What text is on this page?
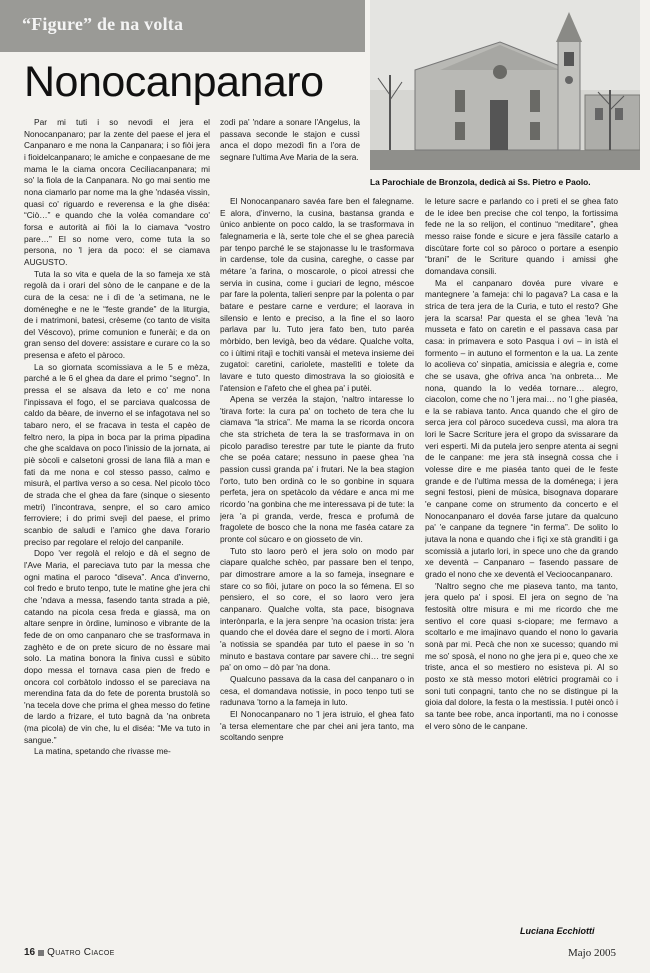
“Figure” de na volta
Nonocanpanaro
La Parochiale de Bronzola, dedicà ai Ss. Pietro e Paolo.

Par mi tuti i so nevodi el jera el Nonocanpanaro; par la zente del paese el jera el Canpanaro e me nona la Canpanara; i so fiòi jera i fioidelcanpanaro; le amiche e conpaesane de me mama le la ciama oncora Ceciliacanpanara; mi so' la fiola de la Canpanara. No go mai sentio me nona ciamarlo par nome ma la ghe 'ndaséa vissin, quasi co' riguardo e reverensa e la ghe diséa: “Ciò…” e quando che la voléa comandare co' forsa e autorità ai fiòi la lo ciamava “vostro pare…” El so nome vero, come tuta la so persona, no 'l jera da poco: el se ciamava AUGUSTO.

Tuta la so vita e quela de la so fameja xe stà regolà da i orari del sòno de le canpane e de la cura de la cesa: ne i dì de 'a setimana, ne le doméneghe e ne le “feste grande” de la liturgia, de i matrimoni, batesi, crèseme (co tanto de visita del Véscovo), prime comunion e funerài; e da on gran senso del dovere: assistare e curare co la so presensa e afeto el pàroco.

La so giornata scomissiava a le 5 e mèza, parché a le 6 el ghea da dare el primo “segno”. In pressa el se alsava da leto e co' me nona l'inpissava el fogo, el se parciava qualcossa de caldo da bèare, de inverno el se infagotava nel so tabaro nero, el se fracava in testa el capèo de feltro nero, la pipa in boca par la prima pipadina che ghe scaldava on poco l'inissio de la jornata, ai piè sòcoli e calsetoni grossi de lana filà a man e fati da me nona e col stesso passo, calmo e misurà, el partiva verso a so cesa. Nel picolo tòco de strada che el ghea da fare (sinque o siesento metri) l'incontrava, senpre, el so caro amico ferroviere; i do primi svejì del paese, el primo scanbio de saludi e l'amico ghe dava l'orario preciso par regolare el relojo del canpanile.

Dopo 'ver regolà el relojo e dà el segno de l'Ave Maria, el pareciava tuto par la messa che ogni matina el paroco “diseva”. Anca d'inverno, col fredo e bruto tenpo, tute le matine ghe jera chi che 'ndava a messa, fasendo tanta strada a piè, catando na picola cesa freda e giassà, ma on altare senpre in òrdine, luminoso e vibrante de la fede de on omo canpanaro che se trasformava in zaghèto e de on prete sicuro de no èssare mai solo. La matina bonora la finiva cussì e sùbito dopo messa el tornava casa pien de fredo e oncora col corbàtolo indosso el se pareciava na merendina fata da do fete de porenta brustolà so 'na tecela dove che prima el ghea messo do fetine de lardo a frizare, el tuto bagnà da 'na onbreta (ma picola) de vin che, lu el diséa: “Me va tuto in sangue.”

La matina, spetando che rivasse me-

zodì pa' 'ndare a sonare l'Angelus, la passava seconde le stajon e cussì anca el dopo mezodì fin a l'ora de segnare l'ultima Ave Maria de la sera.

El Nonocanpanaro savéa fare ben el falegname. E alora, d'inverno, la cusina, bastansa granda e ùnico anbiente on poco caldo, la se trasformava in falegnameria e là, serte tole che el se ghea parecià par tenpo parché le se stajonasse lu le trasformava in cardense, tole da cusina, careghe, o casse par métare 'a farina, o moscarole, o picoi atressi che servia in cusina, come i guciari de legno, méscoe par fare la polenta, talieri senpre par la polenta o par batare e pestare carne e verdure; el laorava in silensio e lento e preciso, a la fine el so laoro parlava par lu. Tuto jera fato ben, tuto paréa mòrbido, ben levigà, beo da védare. Qualche volta, co i ùltimi ritajì e tochiti vansài el meteva insieme dei zugatoi: caretini, cariolete, mastelìti e tolete da lavare e tuto questo dimostrava la so gioiosità e l'atension e l'afeto che el ghea pa' i putèi.

Apena se verzéa la stajon, 'naltro intaresse lo 'tirava forte: la cura pa' on tocheto de tera che lu ciamava “la strica”. Me mama la se ricorda oncora che sta stricheta de tera la se trasformava in on picolo paradiso terestre par tute le piante da fruto che se poéa catare; nessuno in paese ghea 'na passion cussì granda pa' i frutari. Ne la bea stagion l'orto, tuto ben ordinà co le so gonbine in squara perfeta, jera on spetàcolo da védare e anca mi me ricordo 'na gonbina che me interessava pi de tute: la jera 'a pi granda, verde, fresca e profumà de fragolete de bosco che la nona me faséa catare za pronte col sùcaro e on giosseto de vin.

Tuto sto laoro però el jera solo on modo par ciapare qualche schèo, par passare ben el tenpo, par dimostrare amore a la so fameja, insegnare e stare co so fiòi, jutare on poco la so fémena. El so pensiero, el so core, el so laoro vero jera canpanaro. Qualche volta, sta pace, bisognava interònparla, e la jera senpre 'na ocasion trista: jera quando che el dovéa dare el segno de i morti. Alora 'a notissia se spandéa par tuto el paese in so 'n minuto e bastava contare par savere chi… tre segni pa' on omo – dò par 'na dona.

Qualcuno passava da la casa del canpanaro o in cesa, el domandava notissie, in poco tenpo tuti se radunava 'torno a la fameja in luto.

El Nonocanpanaro no 'l jera istruio, el ghea fato 'a tersa elementare che par chei ani jera tanto, ma scoltando senpre

le leture sacre e parlando co i preti el se ghea fato de le idee ben precise che col tenpo, la fortissima fede ne la so relijon, el continuo “meditare”, ghea messo raise fonde e sicure e jera fàssile catarlo a discùtare forte col so pàroco o portare a esenpio “brani” de le Scriture quando i amissi ghe domandava consili.

Ma el canpanaro dovéa pure vivare e mantegnere 'a fameja: chi lo pagava? La casa e la strica de tera jera de la Curia, e tuto el resto? Ghe jera la scarsa! Par questa el se ghea 'levà 'na musseta e fato on caretin e el passava casa par casa: in primavera e soto Pasqua i ovi – in istà el formento – in autuno el formenton e la ua. La zente lo acolieva co' sinpatia, amicissia e alegria e, come che se usava, ghe ofriva anca 'na onbreta… Me nona, quando la lo vedéa tornare… alegro, ciacolon, come che no 'l jera mai… no 'l ghe piaséa, e la se rabiava tanto. Anca quando che el giro de serca jera col pàroco sucedeva cussì, ma alora tra lori le Sacre Scriture jera el gropo da svissarare da veri esperti. Mi da putela jero senpre atenta ai segni de le canpane: me jera stà insegnà cossa che i volesse dire e me piaséa tanto quei de le feste grande e de l'ultima messa de la doménega; i jera segni festosi, pieni de mùsica, bisognava doparare 'e canpane come on strumento da concerto e el Nonocanpanaro el dovéa farse jutare da qualcuno pa' 'e canpane da tegnere “in ferma”. De solito lo jutava la nona e quando che i fiçi xe stà granditi i ga scomissià a jutarlo lori, in spece uno che da grando xe deventà – Canpanaro – fasendo passare de grado el nono che xe deventà el Vecioocanpanaro.

'Naltro segno che me piaseva tanto, ma tanto, jera quelo pa' i sposi. El jera on segno de 'na festosità oltre misura e mi me ricordo che me sentivo el core quasi s-ciopare; me fermavo a scoltarlo e me imajinavo quando el nono lo gavaria sonà par mi. Pecà che non xe sucesso; quando mi me so' sposà, el nono no ghe jera pi e, queo che xe triste, anca el so mestiero no esisteva pi. Al so posto xe stà messo motori elètrici programài co i soni tuti conpagni, tanto che no se distingue pi la gioia dal dolore, la festa o la mestissia. I putèi oncò i sa tante bee robe, anca inportanti, ma no i conosse el vero sòno de le canpane.

Luciana Ecchiotti
16 Quatro Ciacoe	Majo 2005
